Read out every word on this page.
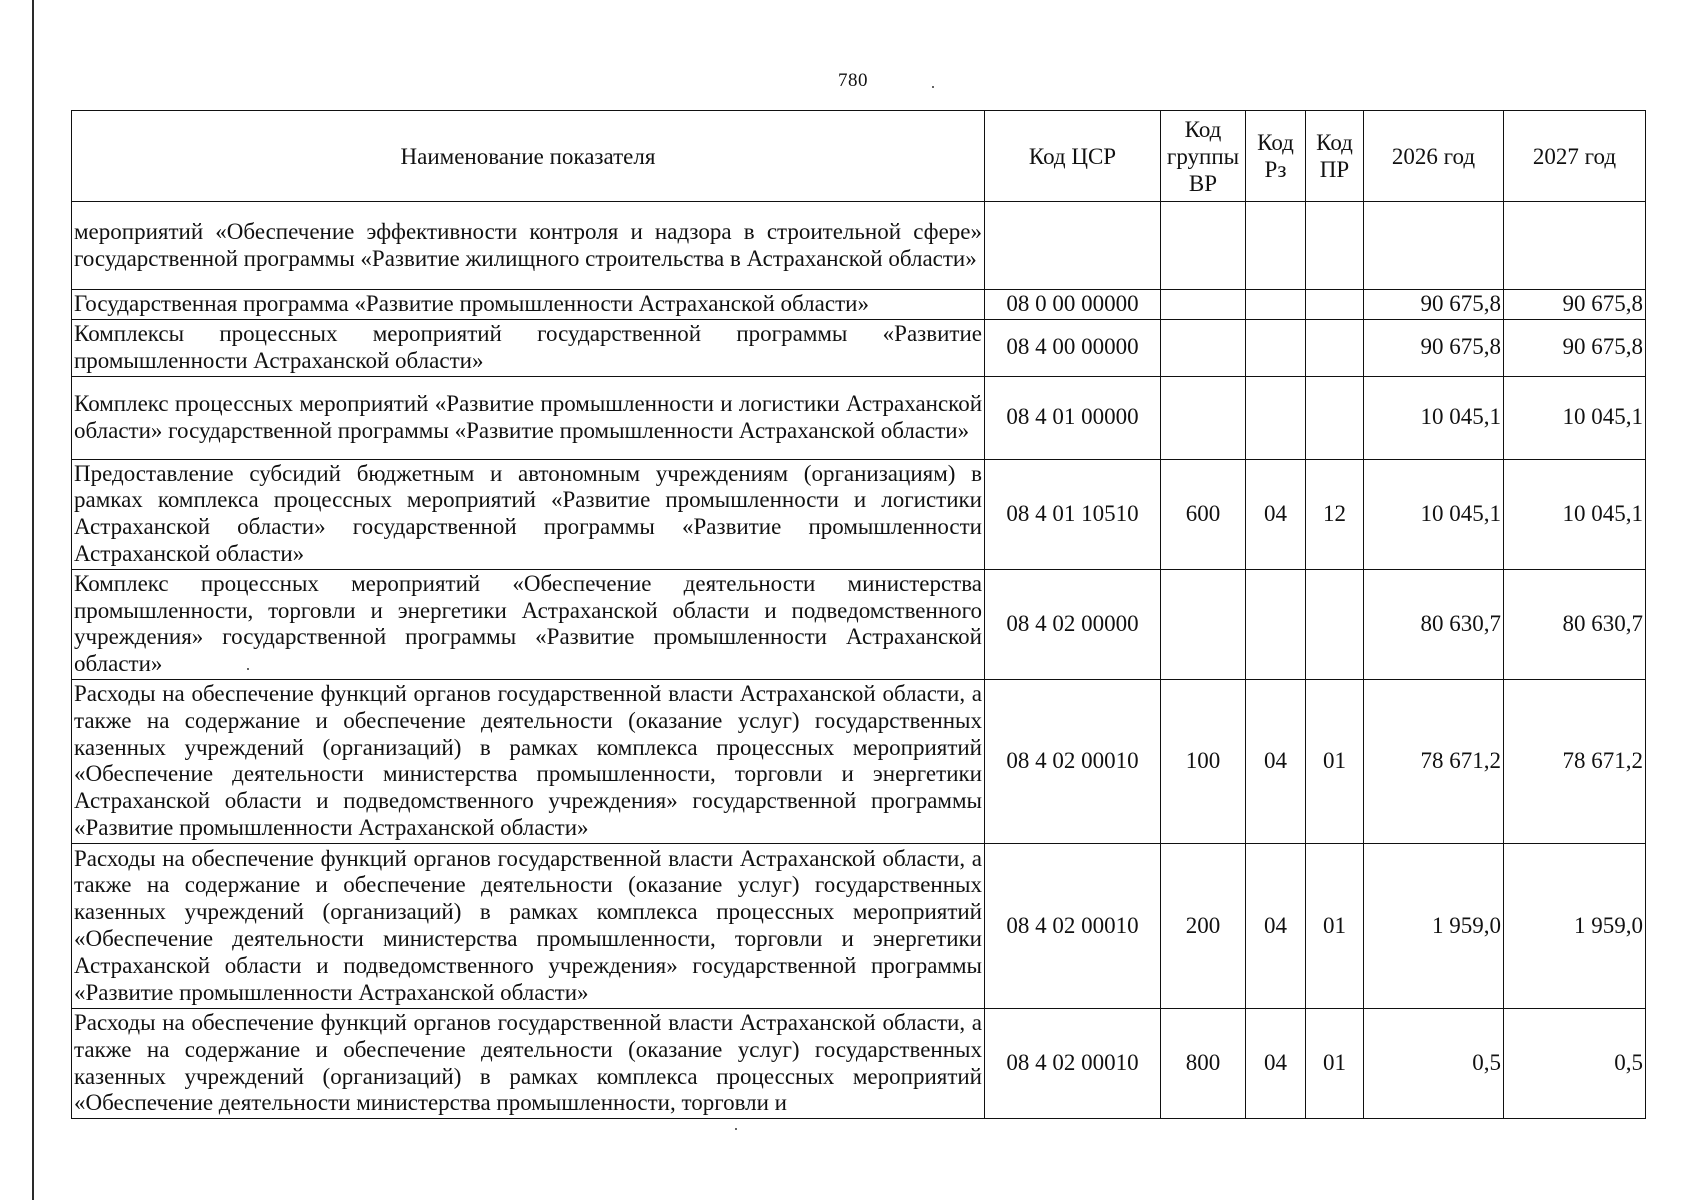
780
Наименование показателя	Код ЦСР	Код группы ВР	Код Рз	Код ПР	2026 год	2027 год
мероприятий «Обеспечение эффективности контроля и надзора в строительной сфере» государственной программы «Развитие жилищного строительства в Астраханской области»						
Государственная программа «Развитие промышленности Астраханской области»	08 0 00 00000				90 675,8	90 675,8
Комплексы процессных мероприятий государственной программы «Развитие промышленности Астраханской области»	08 4 00 00000				90 675,8	90 675,8
Комплекс процессных мероприятий «Развитие промышленности и логистики Астраханской области» государственной программы «Развитие промышленности Астраханской области»	08 4 01 00000				10 045,1	10 045,1
Предоставление субсидий бюджетным и автономным учреждениям (организациям) в рамках комплекса процессных мероприятий «Развитие промышленности и логистики Астраханской области» государственной программы «Развитие промышленности Астраханской области»	08 4 01 10510	600	04	12	10 045,1	10 045,1
Комплекс процессных мероприятий «Обеспечение деятельности министерства промышленности, торговли и энергетики Астраханской области и подведомственного учреждения» государственной программы «Развитие промышленности Астраханской области»	08 4 02 00000				80 630,7	80 630,7
Расходы на обеспечение функций органов государственной власти Астраханской области, а также на содержание и обеспечение деятельности (оказание услуг) государственных казенных учреждений (организаций) в рамках комплекса процессных мероприятий «Обеспечение деятельности министерства промышленности, торговли и энергетики Астраханской области и подведомственного учреждения» государственной программы «Развитие промышленности Астраханской области»	08 4 02 00010	100	04	01	78 671,2	78 671,2
Расходы на обеспечение функций органов государственной власти Астраханской области, а также на содержание и обеспечение деятельности (оказание услуг) государственных казенных учреждений (организаций) в рамках комплекса процессных мероприятий «Обеспечение деятельности министерства промышленности, торговли и энергетики Астраханской области и подведомственного учреждения» государственной программы «Развитие промышленности Астраханской области»	08 4 02 00010	200	04	01	1 959,0	1 959,0
Расходы на обеспечение функций органов государственной власти Астраханской области, а также на содержание и обеспечение деятельности (оказание услуг) государственных казенных учреждений (организаций) в рамках комплекса процессных мероприятий «Обеспечение деятельности министерства промышленности, торговли и	08 4 02 00010	800	04	01	0,5	0,5
